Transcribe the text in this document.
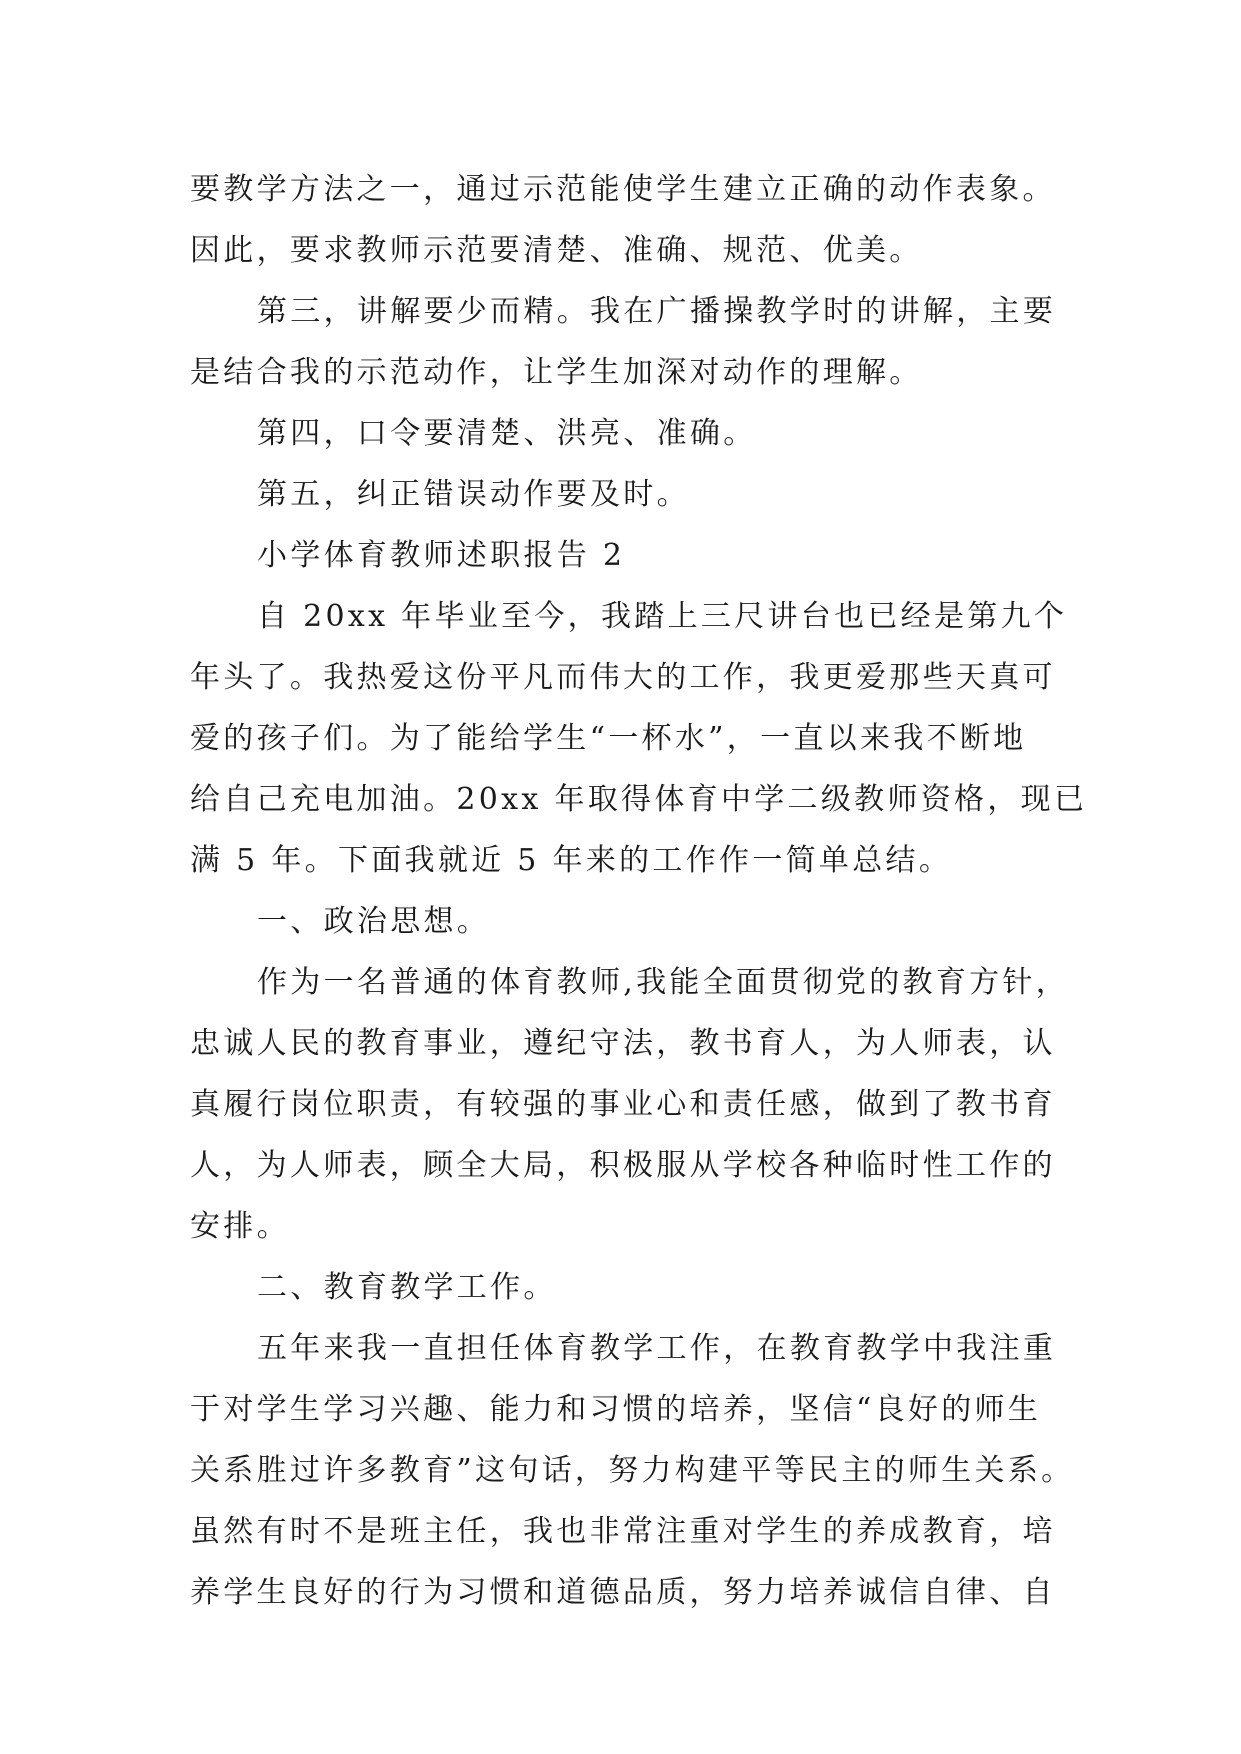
要教学方法之一，通过示范能使学生建立正确的动作表象。
因此，要求教师示范要清楚、准确、规范、优美。
第三，讲解要少而精。我在广播操教学时的讲解，主要
是结合我的示范动作，让学生加深对动作的理解。
第四，口令要清楚、洪亮、准确。
第五，纠正错误动作要及时。
小学体育教师述职报告 2
自 20xx 年毕业至今，我踏上三尺讲台也已经是第九个
年头了。我热爱这份平凡而伟大的工作，我更爱那些天真可
爱的孩子们。为了能给学生“一杯水”，一直以来我不断地
给自己充电加油。20xx 年取得体育中学二级教师资格，现已
满 5 年。下面我就近 5 年来的工作作一简单总结。
一、政治思想。
作为一名普通的体育教师,我能全面贯彻党的教育方针，
忠诚人民的教育事业，遵纪守法，教书育人，为人师表，认
真履行岗位职责，有较强的事业心和责任感，做到了教书育
人，为人师表，顾全大局，积极服从学校各种临时性工作的
安排。
二、教育教学工作。
五年来我一直担任体育教学工作，在教育教学中我注重
于对学生学习兴趣、能力和习惯的培养，坚信“良好的师生
关系胜过许多教育”这句话，努力构建平等民主的师生关系。
虽然有时不是班主任，我也非常注重对学生的养成教育，培
养学生良好的行为习惯和道德品质，努力培养诚信自律、自
